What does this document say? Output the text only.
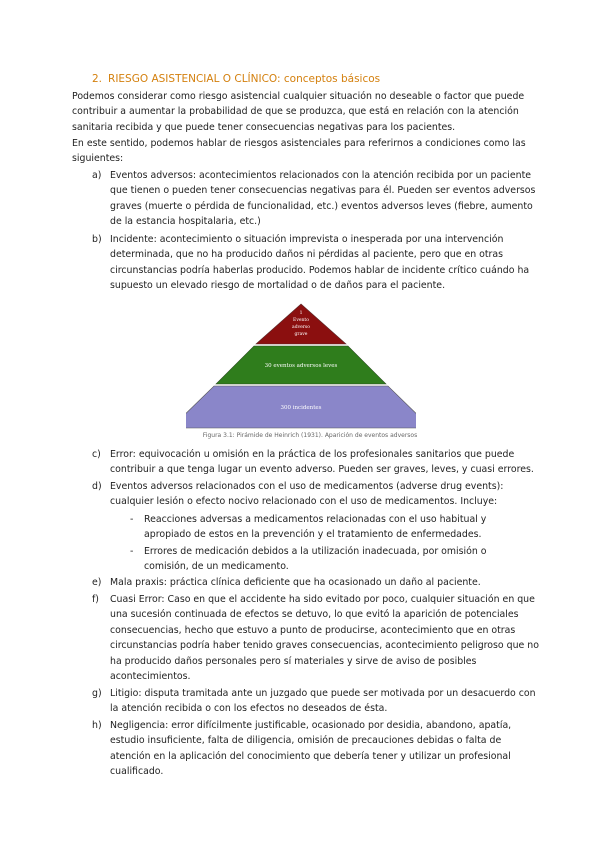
2. RIESGO ASISTENCIAL O CLÍNICO: conceptos básicos

Podemos considerar como riesgo asistencial cualquier situación no deseable o factor que puede contribuir a aumentar la probabilidad de que se produzca, que está en relación con la atención sanitaria recibida y que puede tener consecuencias negativas para los pacientes.

En este sentido, podemos hablar de riesgos asistenciales para referirnos a condiciones como las siguientes:

a) Eventos adversos: acontecimientos relacionados con la atención recibida por un paciente que tienen o pueden tener consecuencias negativas para él. Pueden ser eventos adversos graves (muerte o pérdida de funcionalidad, etc.) eventos adversos leves (fiebre, aumento de la estancia hospitalaria, etc.)
b) Incidente: acontecimiento o situación imprevista o inesperada por una intervención determinada, que no ha producido daños ni pérdidas al paciente, pero que en otras circunstancias podría haberlas producido. Podemos hablar de incidente crítico cuándo ha supuesto un elevado riesgo de mortalidad o de daños para el paciente.
1
Evento
adverso
grave
30 eventos adversos leves
300 incidentes
Figura 3.1: Pirámide de Heinrich (1931). Aparición de eventos adversos
c) Error: equivocación u omisión en la práctica de los profesionales sanitarios que puede contribuir a que tenga lugar un evento adverso. Pueden ser graves, leves, y cuasi errores.
d) Eventos adversos relacionados con el uso de medicamentos (adverse drug events): cualquier lesión o efecto nocivo relacionado con el uso de medicamentos. Incluye:
- Reacciones adversas a medicamentos relacionadas con el uso habitual y apropiado de estos en la prevención y el tratamiento de enfermedades.
- Errores de medicación debidos a la utilización inadecuada, por omisión o comisión, de un medicamento.
e) Mala praxis: práctica clínica deficiente que ha ocasionado un daño al paciente.
f) Cuasi Error: Caso en que el accidente ha sido evitado por poco, cualquier situación en que una sucesión continuada de efectos se detuvo, lo que evitó la aparición de potenciales consecuencias, hecho que estuvo a punto de producirse, acontecimiento que en otras circunstancias podría haber tenido graves consecuencias, acontecimiento peligroso que no ha producido daños personales pero sí materiales y sirve de aviso de posibles acontecimientos.
g) Litigio: disputa tramitada ante un juzgado que puede ser motivada por un desacuerdo con la atención recibida o con los efectos no deseados de ésta.
h) Negligencia: error difícilmente justificable, ocasionado por desidia, abandono, apatía, estudio insuficiente, falta de diligencia, omisión de precauciones debidas o falta de atención en la aplicación del conocimiento que debería tener y utilizar un profesional cualificado.
